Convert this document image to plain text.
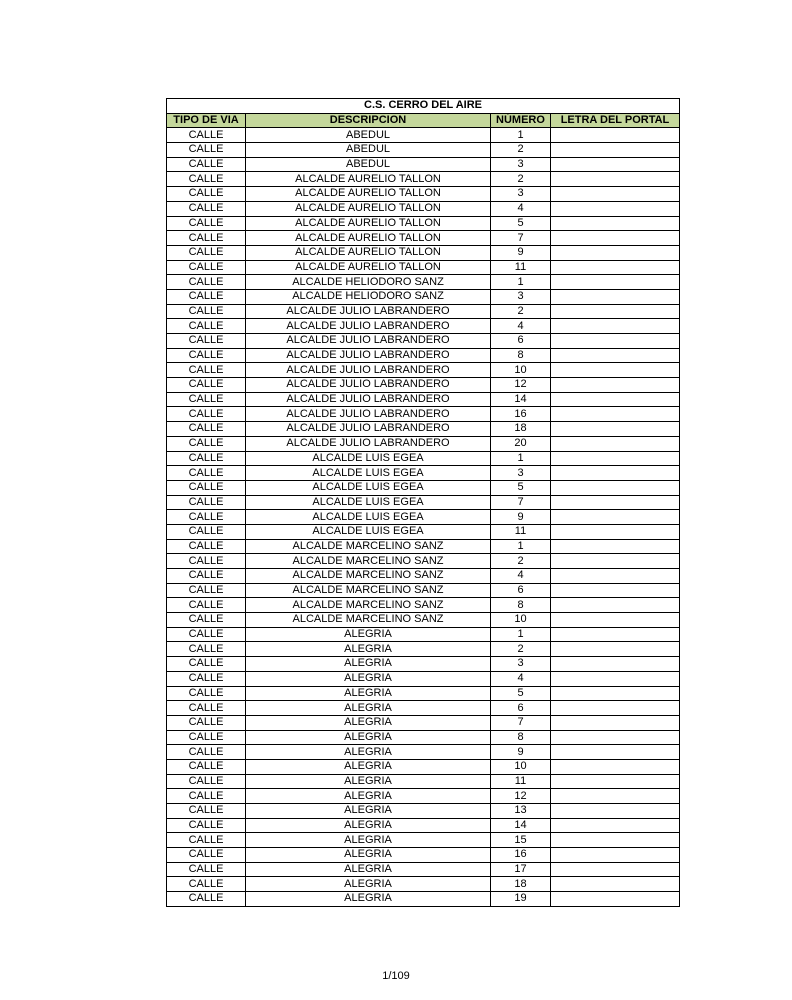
C.S. CERRO DEL AIRE			
TIPO DE VIA	DESCRIPCION	NÚMERO	LETRA DEL PORTAL
CALLE	ABEDUL	1	
CALLE	ABEDUL	2	
CALLE	ABEDUL	3	
CALLE	ALCALDE AURELIO TALLON	2	
CALLE	ALCALDE AURELIO TALLON	3	
CALLE	ALCALDE AURELIO TALLON	4	
CALLE	ALCALDE AURELIO TALLON	5	
CALLE	ALCALDE AURELIO TALLON	7	
CALLE	ALCALDE AURELIO TALLON	9	
CALLE	ALCALDE AURELIO TALLON	11	
CALLE	ALCALDE HELIODORO SANZ	1	
CALLE	ALCALDE HELIODORO SANZ	3	
CALLE	ALCALDE JULIO LABRANDERO	2	
CALLE	ALCALDE JULIO LABRANDERO	4	
CALLE	ALCALDE JULIO LABRANDERO	6	
CALLE	ALCALDE JULIO LABRANDERO	8	
CALLE	ALCALDE JULIO LABRANDERO	10	
CALLE	ALCALDE JULIO LABRANDERO	12	
CALLE	ALCALDE JULIO LABRANDERO	14	
CALLE	ALCALDE JULIO LABRANDERO	16	
CALLE	ALCALDE JULIO LABRANDERO	18	
CALLE	ALCALDE JULIO LABRANDERO	20	
CALLE	ALCALDE LUIS EGEA	1	
CALLE	ALCALDE LUIS EGEA	3	
CALLE	ALCALDE LUIS EGEA	5	
CALLE	ALCALDE LUIS EGEA	7	
CALLE	ALCALDE LUIS EGEA	9	
CALLE	ALCALDE LUIS EGEA	11	
CALLE	ALCALDE MARCELINO SANZ	1	
CALLE	ALCALDE MARCELINO SANZ	2	
CALLE	ALCALDE MARCELINO SANZ	4	
CALLE	ALCALDE MARCELINO SANZ	6	
CALLE	ALCALDE MARCELINO SANZ	8	
CALLE	ALCALDE MARCELINO SANZ	10	
CALLE	ALEGRIA	1	
CALLE	ALEGRIA	2	
CALLE	ALEGRIA	3	
CALLE	ALEGRIA	4	
CALLE	ALEGRIA	5	
CALLE	ALEGRIA	6	
CALLE	ALEGRIA	7	
CALLE	ALEGRIA	8	
CALLE	ALEGRIA	9	
CALLE	ALEGRIA	10	
CALLE	ALEGRIA	11	
CALLE	ALEGRIA	12	
CALLE	ALEGRIA	13	
CALLE	ALEGRIA	14	
CALLE	ALEGRIA	15	
CALLE	ALEGRIA	16	
CALLE	ALEGRIA	17	
CALLE	ALEGRIA	18	
CALLE	ALEGRIA	19	
1/109
